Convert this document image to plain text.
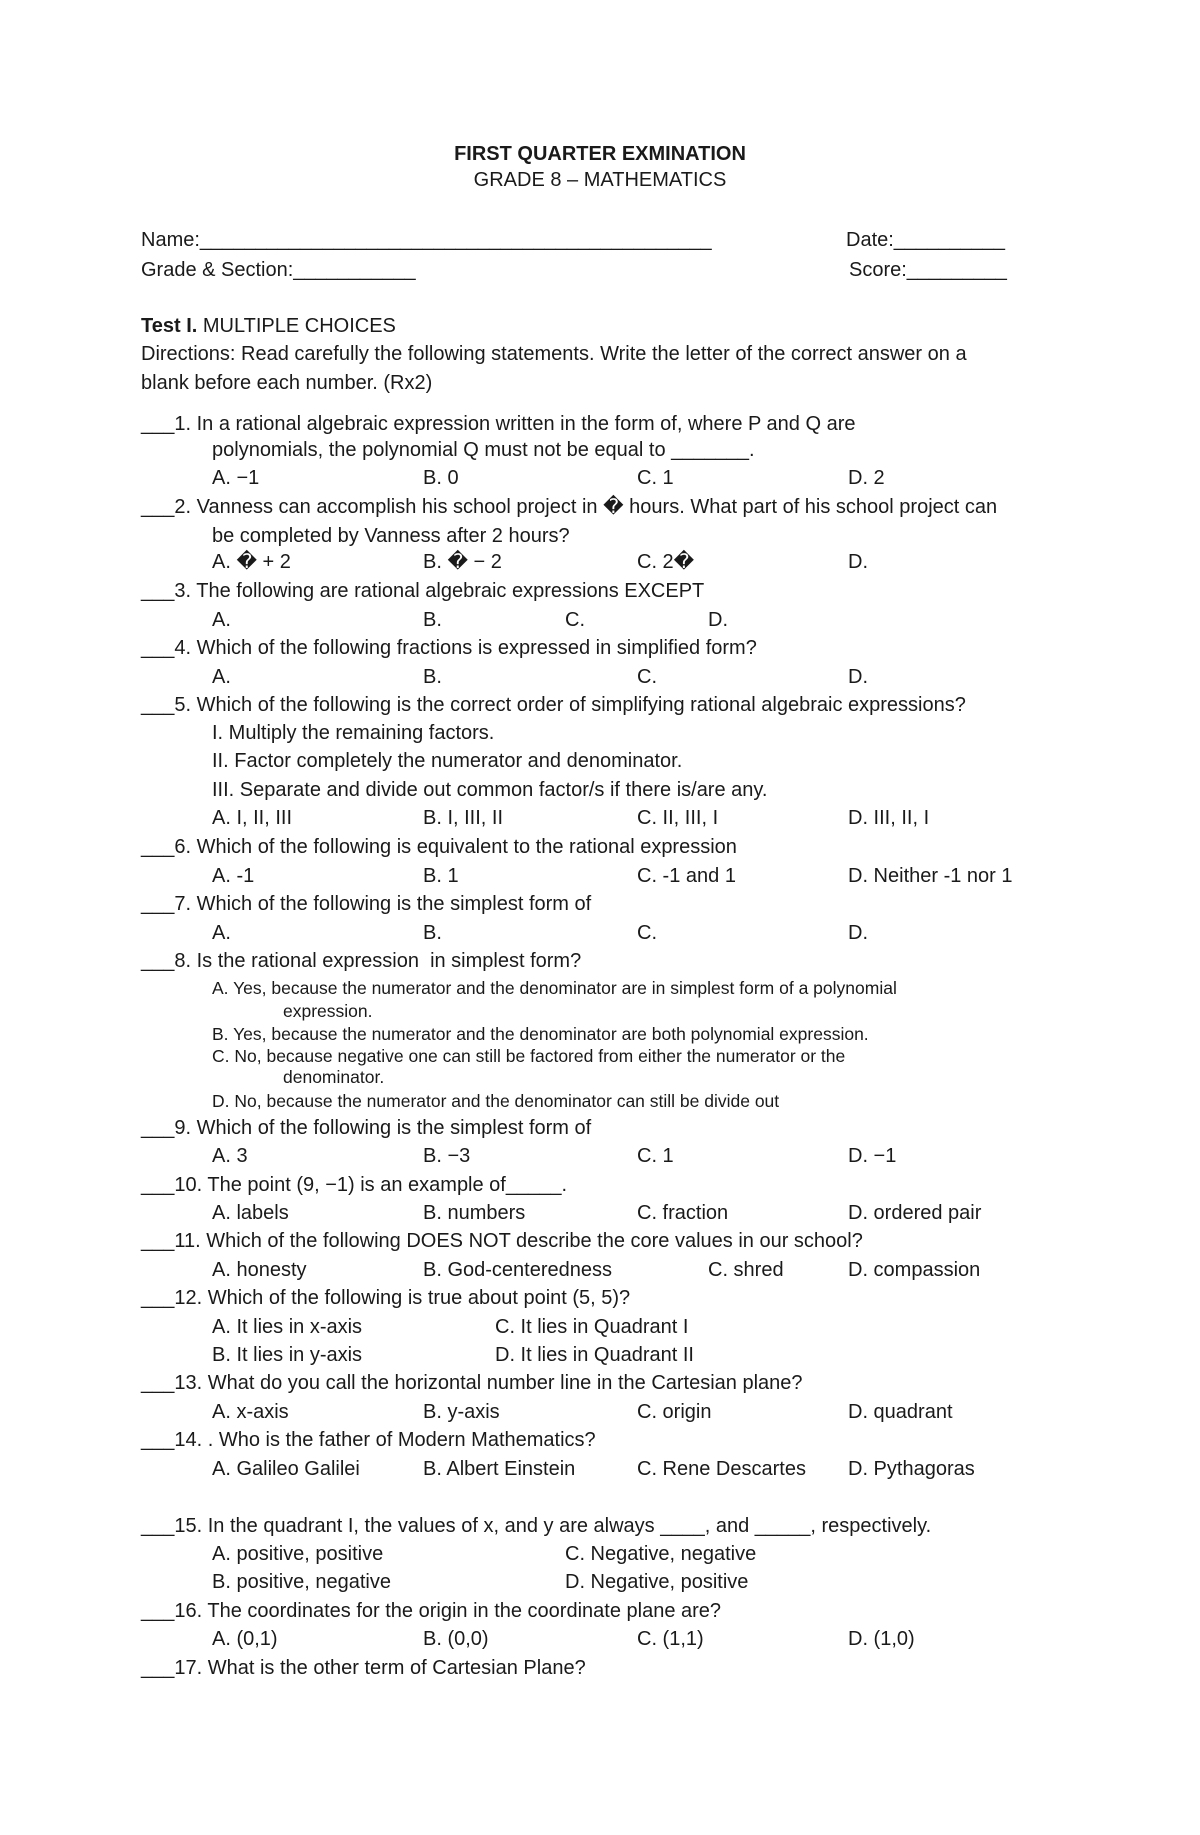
FIRST QUARTER EXMINATION
GRADE 8 – MATHEMATICS
Name:______________________________________________	Date:__________
Grade & Section:___________	Score:_________
Test I. MULTIPLE CHOICES
Directions: Read carefully the following statements. Write the letter of the correct answer on a
blank before each number. (Rx2)
___1. In a rational algebraic expression written in the form of, where P and Q are
polynomials, the polynomial Q must not be equal to _______.
A. −1	B. 0	C. 1	D. 2
___2. Vanness can accomplish his school project in � hours. What part of his school project can
be completed by Vanness after 2 hours?
A. � + 2	B. � − 2	C. 2�	D.
___3. The following are rational algebraic expressions EXCEPT
A.	B.	C.	D.
___4. Which of the following fractions is expressed in simplified form?
A.	B.	C.	D.
___5. Which of the following is the correct order of simplifying rational algebraic expressions?
I. Multiply the remaining factors.
II. Factor completely the numerator and denominator.
III. Separate and divide out common factor/s if there is/are any.
A. I, II, III	B. I, III, II	C. II, III, I	D. III, II, I
___6. Which of the following is equivalent to the rational expression
A. -1	B. 1	C. -1 and 1	D. Neither -1 nor 1
___7. Which of the following is the simplest form of
A.	B.	C.	D.
___8. Is the rational expression  in simplest form?
A. Yes, because the numerator and the denominator are in simplest form of a polynomial
expression.
B. Yes, because the numerator and the denominator are both polynomial expression.
C. No, because negative one can still be factored from either the numerator or the
denominator.
D. No, because the numerator and the denominator can still be divide out
___9. Which of the following is the simplest form of
A. 3	B. −3	C. 1	D. −1
___10. The point (9, −1) is an example of_____.
A. labels	B. numbers	C. fraction	D. ordered pair
___11. Which of the following DOES NOT describe the core values in our school?
A. honesty	B. God-centeredness	C. shred	D. compassion
___12. Which of the following is true about point (5, 5)?
A. It lies in x-axis	C. It lies in Quadrant I
B. It lies in y-axis	D. It lies in Quadrant II
___13. What do you call the horizontal number line in the Cartesian plane?
A. x-axis	B. y-axis	C. origin	D. quadrant
___14. . Who is the father of Modern Mathematics?
A. Galileo Galilei	B. Albert Einstein	C. Rene Descartes D. Pythagoras
___15. In the quadrant I, the values of x, and y are always ____, and _____, respectively.
A. positive, positive	C. Negative, negative
B. positive, negative	D. Negative, positive
___16. The coordinates for the origin in the coordinate plane are?
A. (0,1)	B. (0,0)	C. (1,1)	D. (1,0)
___17. What is the other term of Cartesian Plane?
